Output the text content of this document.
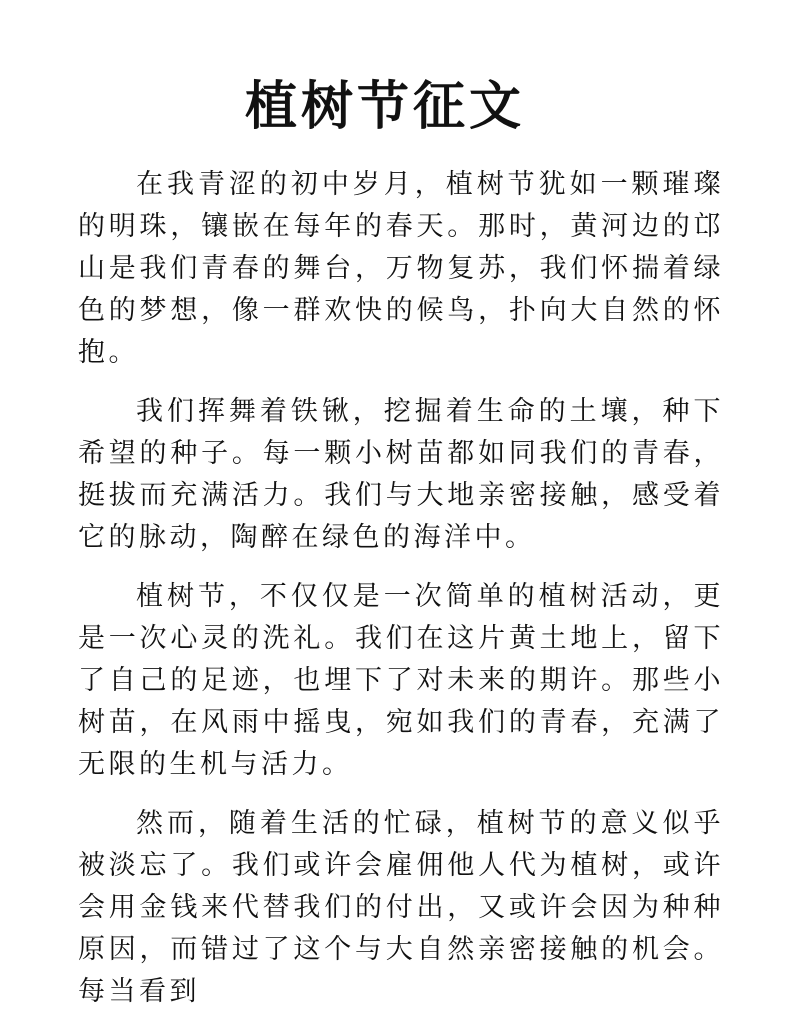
植树节征文

在我青涩的初中岁月，植树节犹如一颗璀璨的明珠，镶嵌在每年的春天。那时，黄河边的邙山是我们青春的舞台，万物复苏，我们怀揣着绿色的梦想，像一群欢快的候鸟，扑向大自然的怀抱。

我们挥舞着铁锹，挖掘着生命的土壤，种下希望的种子。每一颗小树苗都如同我们的青春，挺拔而充满活力。我们与大地亲密接触，感受着它的脉动，陶醉在绿色的海洋中。

植树节，不仅仅是一次简单的植树活动，更是一次心灵的洗礼。我们在这片黄土地上，留下了自己的足迹，也埋下了对未来的期许。那些小树苗，在风雨中摇曳，宛如我们的青春，充满了无限的生机与活力。

然而，随着生活的忙碌，植树节的意义似乎被淡忘了。我们或许会雇佣他人代为植树，或许会用金钱来代替我们的付出，又或许会因为种种原因，而错过了这个与大自然亲密接触的机会。每当看到
